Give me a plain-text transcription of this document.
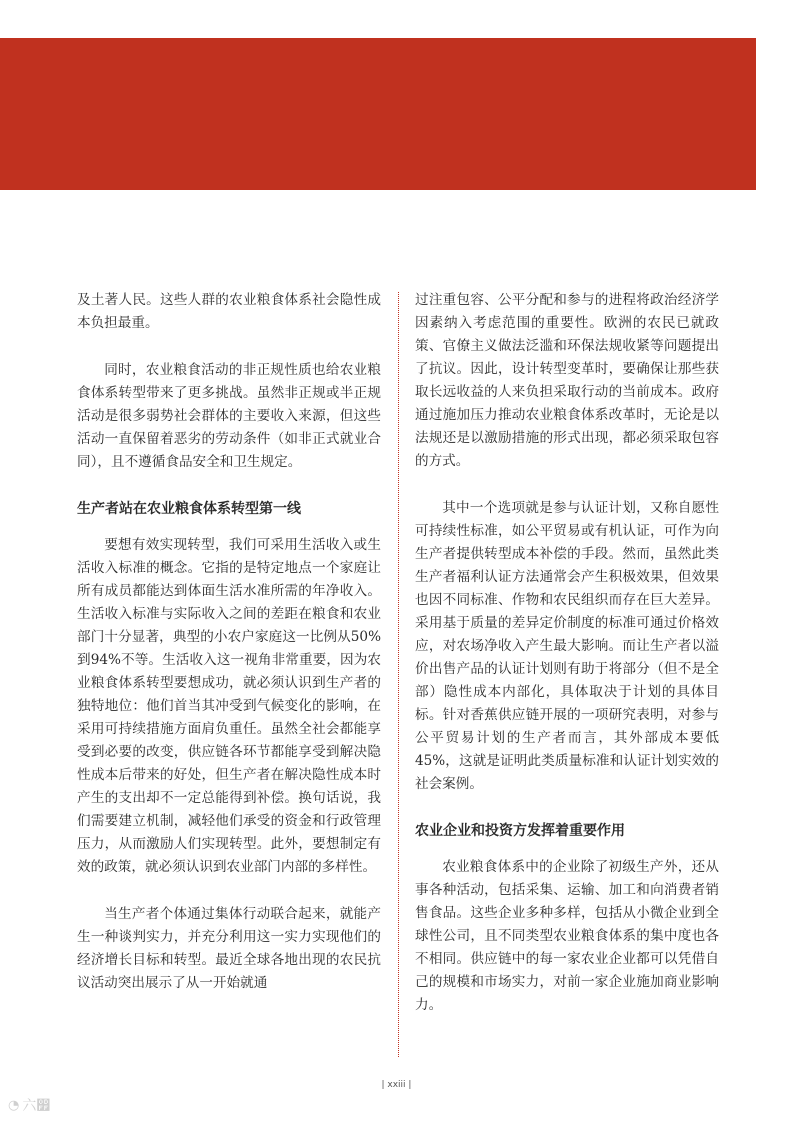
及土著人民。这些人群的农业粮食体系社会隐性成本负担最重。

同时，农业粮食活动的非正规性质也给农业粮食体系转型带来了更多挑战。虽然非正规或半正规活动是很多弱势社会群体的主要收入来源，但这些活动一直保留着恶劣的劳动条件（如非正式就业合同），且不遵循食品安全和卫生规定。

生产者站在农业粮食体系转型第一线

要想有效实现转型，我们可采用生活收入或生活收入标准的概念。它指的是特定地点一个家庭让所有成员都能达到体面生活水准所需的年净收入。生活收入标准与实际收入之间的差距在粮食和农业部门十分显著，典型的小农户家庭这一比例从50%到94%不等。生活收入这一视角非常重要，因为农业粮食体系转型要想成功，就必须认识到生产者的独特地位：他们首当其冲受到气候变化的影响，在采用可持续措施方面肩负重任。虽然全社会都能享受到必要的改变，供应链各环节都能享受到解决隐性成本后带来的好处，但生产者在解决隐性成本时产生的支出却不一定总能得到补偿。换句话说，我们需要建立机制，减轻他们承受的资金和行政管理压力，从而激励人们实现转型。此外，要想制定有效的政策，就必须认识到农业部门内部的多样性。

当生产者个体通过集体行动联合起来，就能产生一种谈判实力，并充分利用这一实力实现他们的经济增长目标和转型。最近全球各地出现的农民抗议活动突出展示了从一开始就通

过注重包容、公平分配和参与的进程将政治经济学因素纳入考虑范围的重要性。欧洲的农民已就政策、官僚主义做法泛滥和环保法规收紧等问题提出了抗议。因此，设计转型变革时，要确保让那些获取长远收益的人来负担采取行动的当前成本。政府通过施加压力推动农业粮食体系改革时，无论是以法规还是以激励措施的形式出现，都必须采取包容的方式。

其中一个选项就是参与认证计划，又称自愿性可持续性标准，如公平贸易或有机认证，可作为向生产者提供转型成本补偿的手段。然而，虽然此类生产者福利认证方法通常会产生积极效果，但效果也因不同标准、作物和农民组织而存在巨大差异。采用基于质量的差异定价制度的标准可通过价格效应，对农场净收入产生最大影响。而让生产者以溢价出售产品的认证计划则有助于将部分（但不是全部）隐性成本内部化，具体取决于计划的具体目标。针对香蕉供应链开展的一项研究表明，对参与公平贸易计划的生产者而言，其外部成本要低45%，这就是证明此类质量标准和认证计划实效的社会案例。

农业企业和投资方发挥着重要作用

农业粮食体系中的企业除了初级生产外，还从事各种活动，包括采集、运输、加工和向消费者销售食品。这些企业多种多样，包括从小微企业到全球性公司，且不同类型农业粮食体系的集中度也各不相同。供应链中的每一家农业企业都可以凭借自己的规模和市场实力，对前一家企业施加商业影响力。

| xxiii |
◔ 六෿
